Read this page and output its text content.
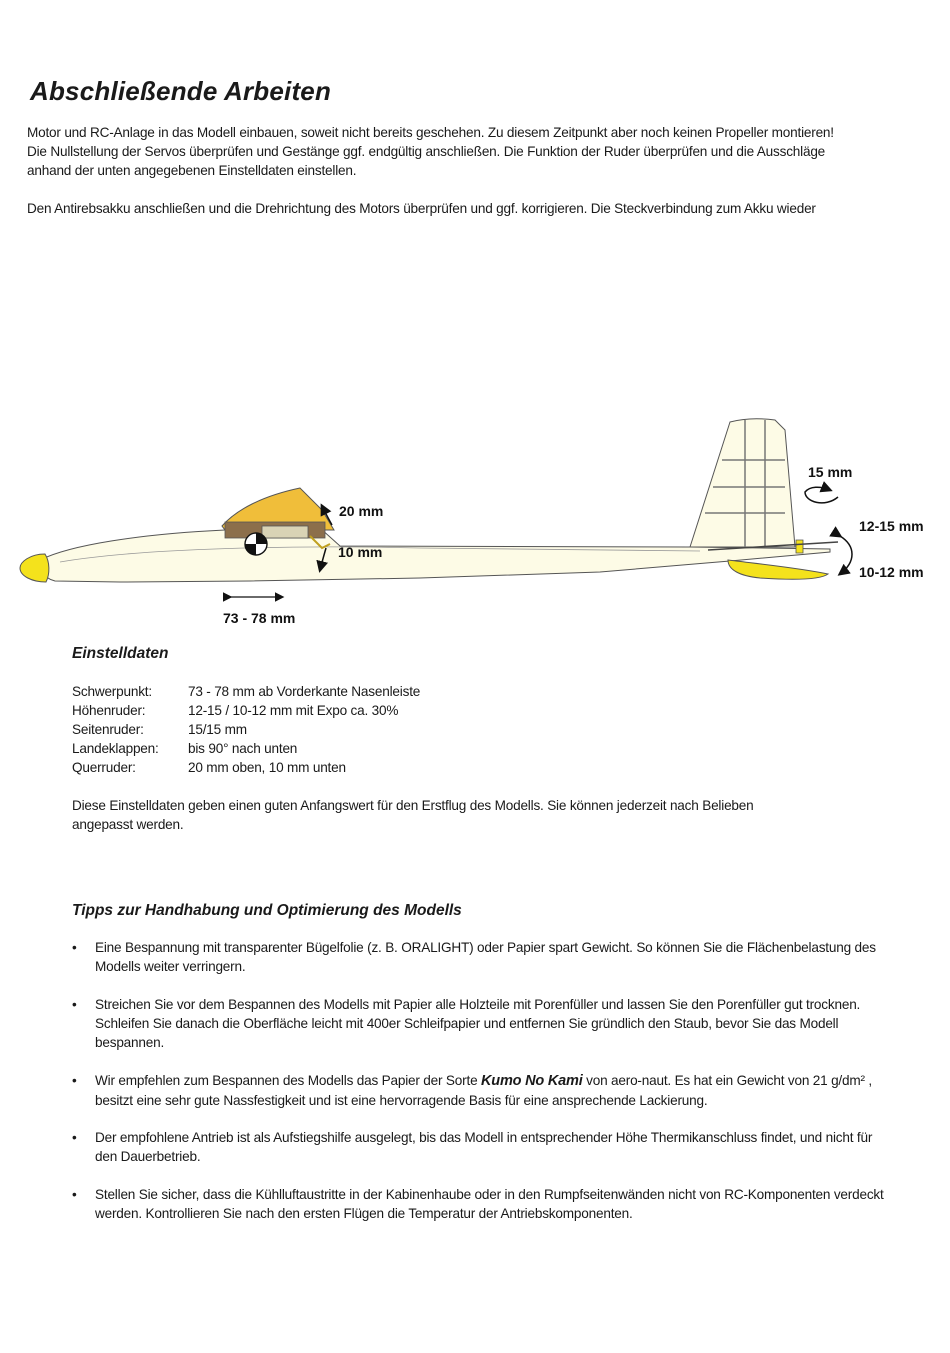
Abschließende Arbeiten

Motor und RC-Anlage in das Modell einbauen, soweit nicht bereits geschehen. Zu diesem Zeitpunkt aber noch keinen Propeller montieren!
Die Nullstellung der Servos überprüfen und Gestänge ggf. endgültig anschließen. Die Funktion der Ruder überprüfen und die Ausschläge
anhand der unten angegebenen Einstelldaten einstellen.

Den Antirebsakku anschließen und die Drehrichtung des Motors überprüfen und ggf. korrigieren. Die Steckverbindung zum Akku wieder

73 - 78 mm
20 mm
10 mm
15 mm
12-15 mm
10-12 mm
Einstelldaten
Schwerpunkt:	73 - 78 mm ab Vorderkante Nasenleiste
Höhenruder:	12-15 / 10-12 mm mit Expo ca. 30%
Seitenruder:	15/15 mm
Landeklappen:	bis 90° nach unten
Querruder:	20 mm oben, 10 mm unten

Diese Einstelldaten geben einen guten Anfangswert für den Erstflug des Modells. Sie können jederzeit nach Belieben
angepasst werden.

Tipps zur Handhabung und Optimierung des Modells
•	Eine Bespannung mit transparenter Bügelfolie (z. B. ORALIGHT) oder Papier spart Gewicht. So können Sie die Flächenbelastung des
Modells weiter verringern.
•	Streichen Sie vor dem Bespannen des Modells mit Papier alle Holzteile mit Porenfüller und lassen Sie den Porenfüller gut trocknen.
Schleifen Sie danach die Oberfläche leicht mit 400er Schleifpapier und entfernen Sie gründlich den Staub, bevor Sie das Modell
bespannen.
•	Wir empfehlen zum Bespannen des Modells das Papier der Sorte Kumo No Kami von aero-naut. Es hat ein Gewicht von 21 g/dm² ,
besitzt eine sehr gute Nassfestigkeit und ist eine hervorragende Basis für eine ansprechende Lackierung.
•	Der empfohlene Antrieb ist als Aufstiegshilfe ausgelegt, bis das Modell in entsprechender Höhe Thermikanschluss findet, und nicht für
den Dauerbetrieb.
•	Stellen Sie sicher, dass die Kühlluftaustritte in der Kabinenhaube oder in den Rumpfseitenwänden nicht von RC-Komponenten verdeckt
werden. Kontrollieren Sie nach den ersten Flügen die Temperatur der Antriebskomponenten.
